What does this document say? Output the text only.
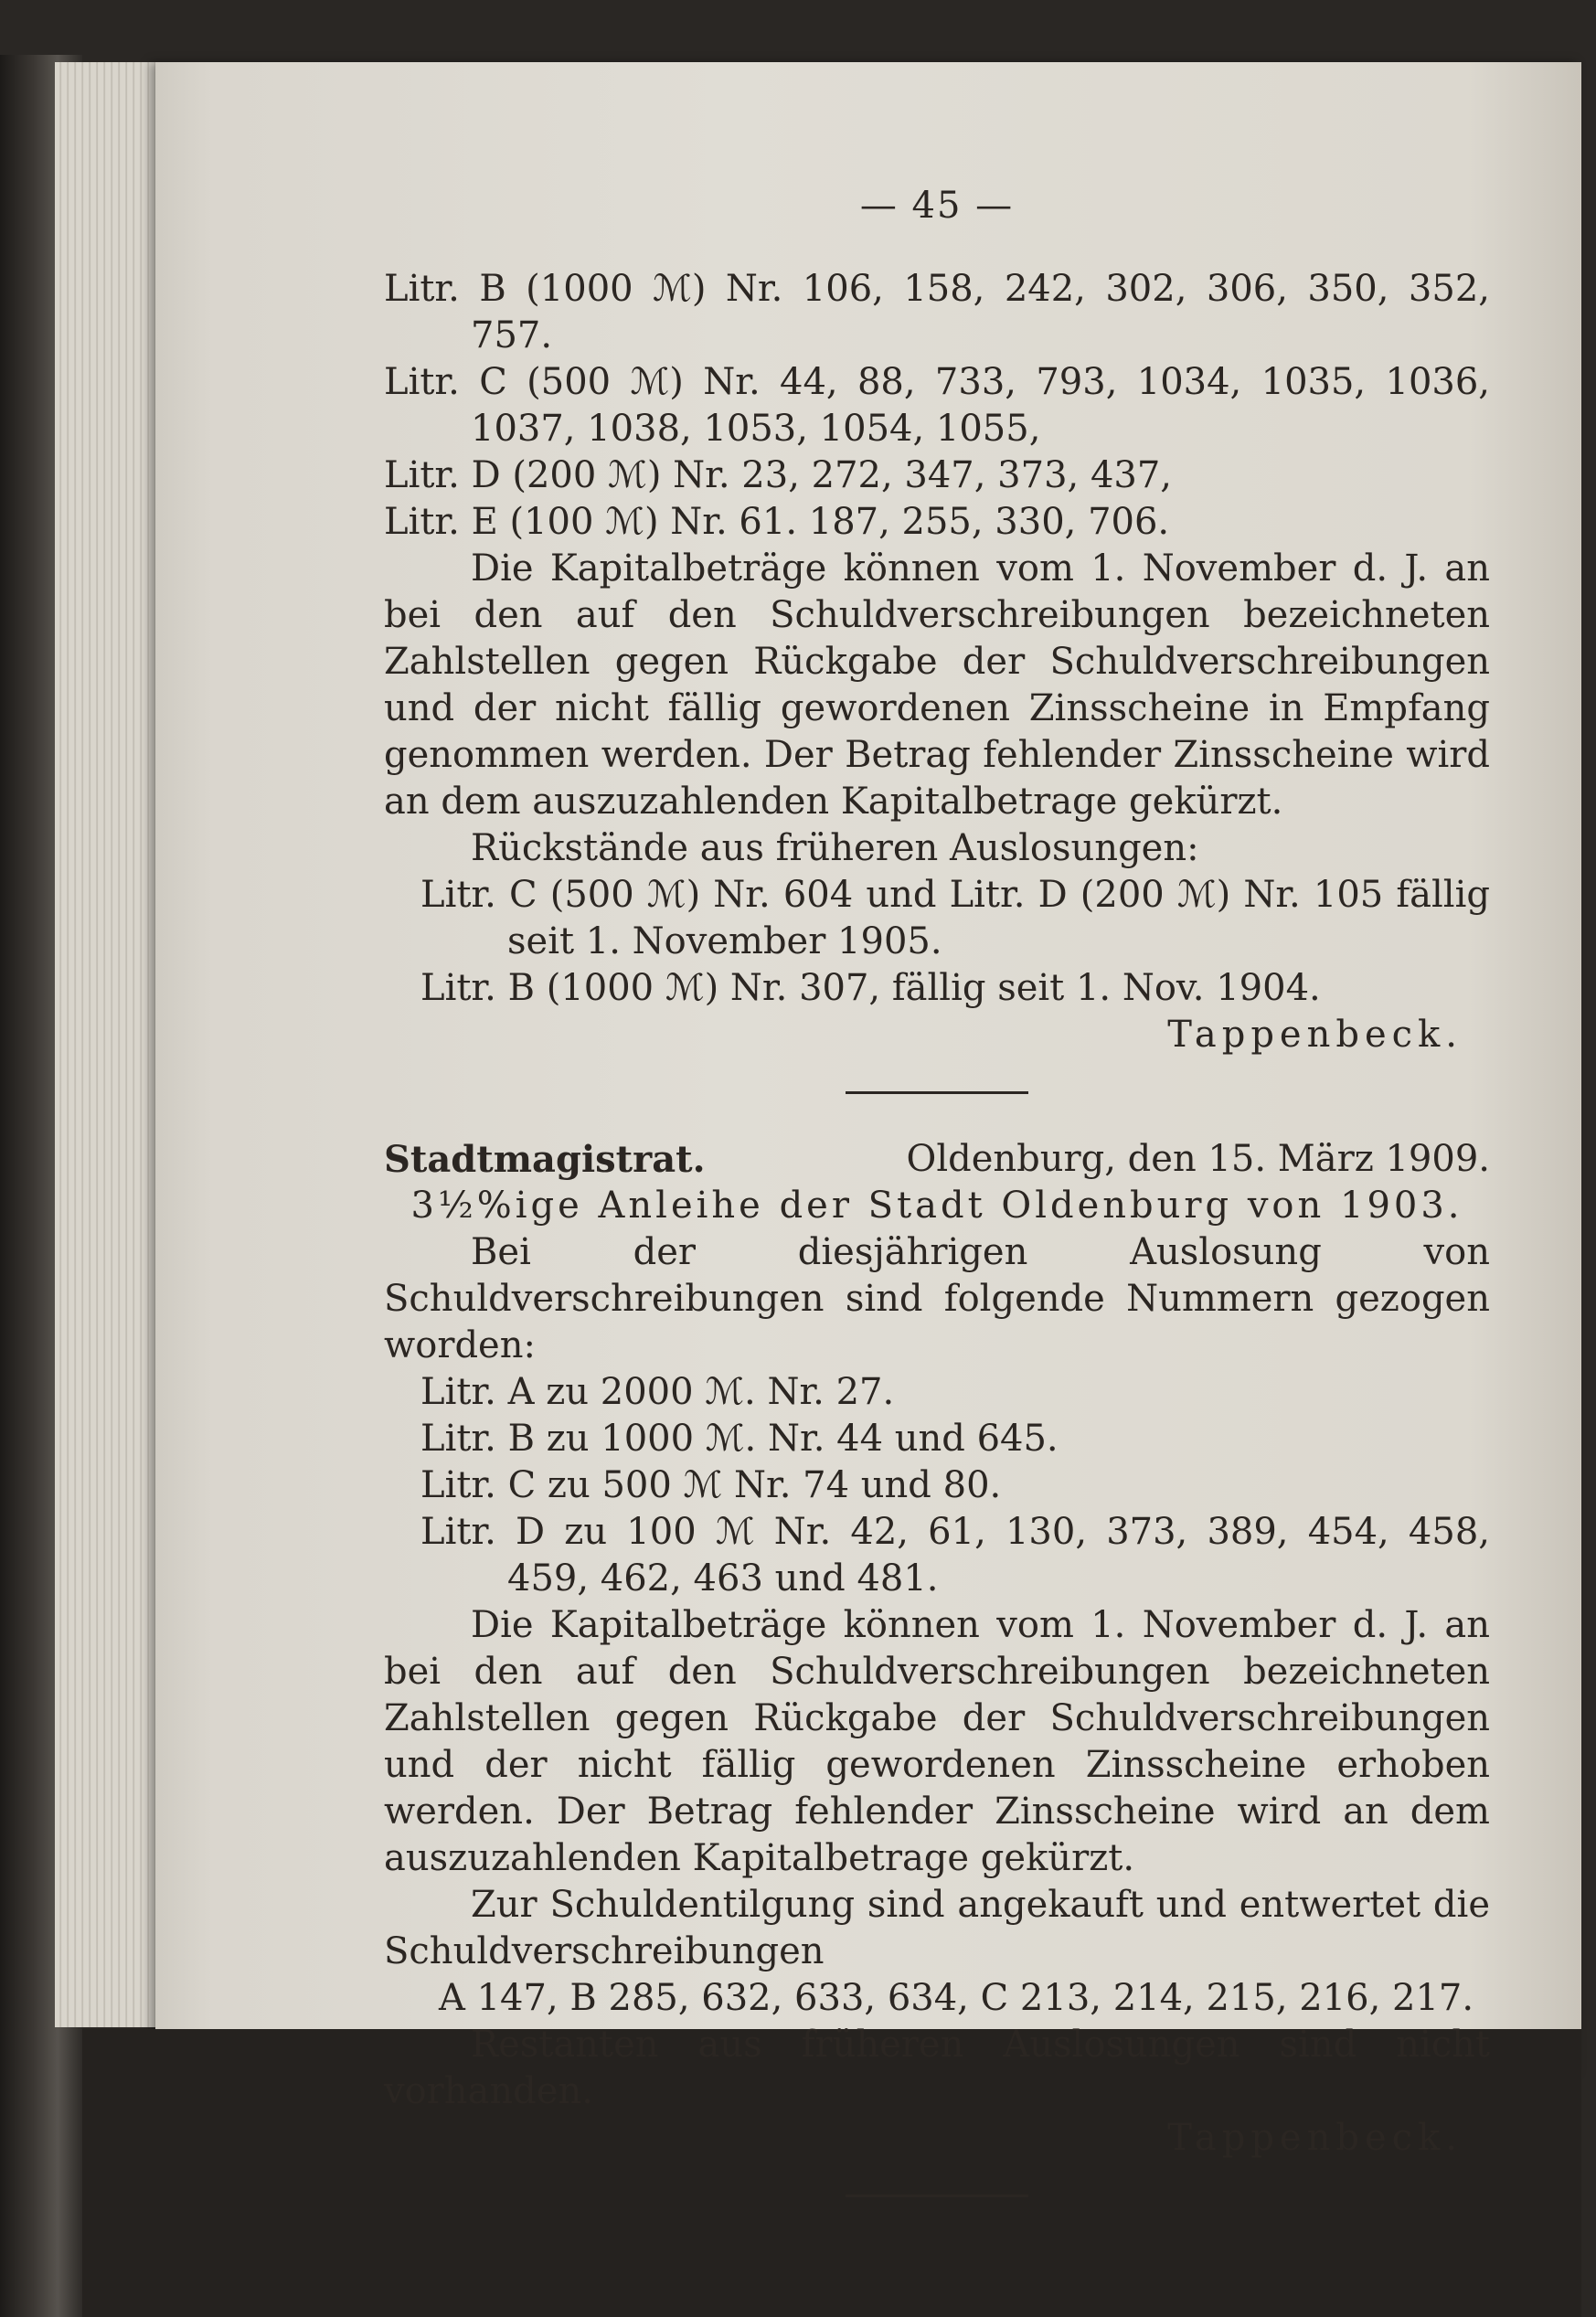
— 45 —

Litr. B (1000 ℳ) Nr. 106, 158, 242, 302, 306, 350, 352, 757.

Litr. C (500 ℳ) Nr. 44, 88, 733, 793, 1034, 1035, 1036, 1037, 1038, 1053, 1054, 1055,

Litr. D (200 ℳ) Nr. 23, 272, 347, 373, 437,

Litr. E (100 ℳ) Nr. 61. 187, 255, 330, 706.

Die Kapitalbeträge können vom 1. November d. J. an bei den auf den Schuldverschreibungen bezeichneten Zahlstellen gegen Rückgabe der Schuldverschreibungen und der nicht fällig gewordenen Zinsscheine in Empfang genommen werden. Der Betrag fehlender Zinsscheine wird an dem auszuzahlenden Kapitalbetrage gekürzt.

Rückstände aus früheren Auslosungen:

Litr. C (500 ℳ) Nr. 604 und Litr. D (200 ℳ) Nr. 105 fällig seit 1. November 1905.

Litr. B (1000 ℳ) Nr. 307, fällig seit 1. Nov. 1904.

Tappenbeck.

Stadtmagistrat.	Oldenburg, den 15. März 1909.

3½%ige Anleihe der Stadt Oldenburg von 1903.

Bei der diesjährigen Auslosung von Schuldverschreibungen sind folgende Nummern gezogen worden:

Litr. A zu 2000 ℳ. Nr. 27.

Litr. B zu 1000 ℳ. Nr. 44 und 645.

Litr. C zu 500 ℳ Nr. 74 und 80.

Litr. D zu 100 ℳ Nr. 42, 61, 130, 373, 389, 454, 458, 459, 462, 463 und 481.

Die Kapitalbeträge können vom 1. November d. J. an bei den auf den Schuldverschreibungen bezeichneten Zahlstellen gegen Rückgabe der Schuldverschreibungen und der nicht fällig gewordenen Zinsscheine erhoben werden. Der Betrag fehlender Zinsscheine wird an dem auszuzahlenden Kapitalbetrage gekürzt.

Zur Schuldentilgung sind angekauft und entwertet die Schuldverschreibungen

A 147, B 285, 632, 633, 634, C 213, 214, 215, 216, 217.

Restanten aus früheren Auslosungen sind nicht vorhanden.

Tappenbeck.
